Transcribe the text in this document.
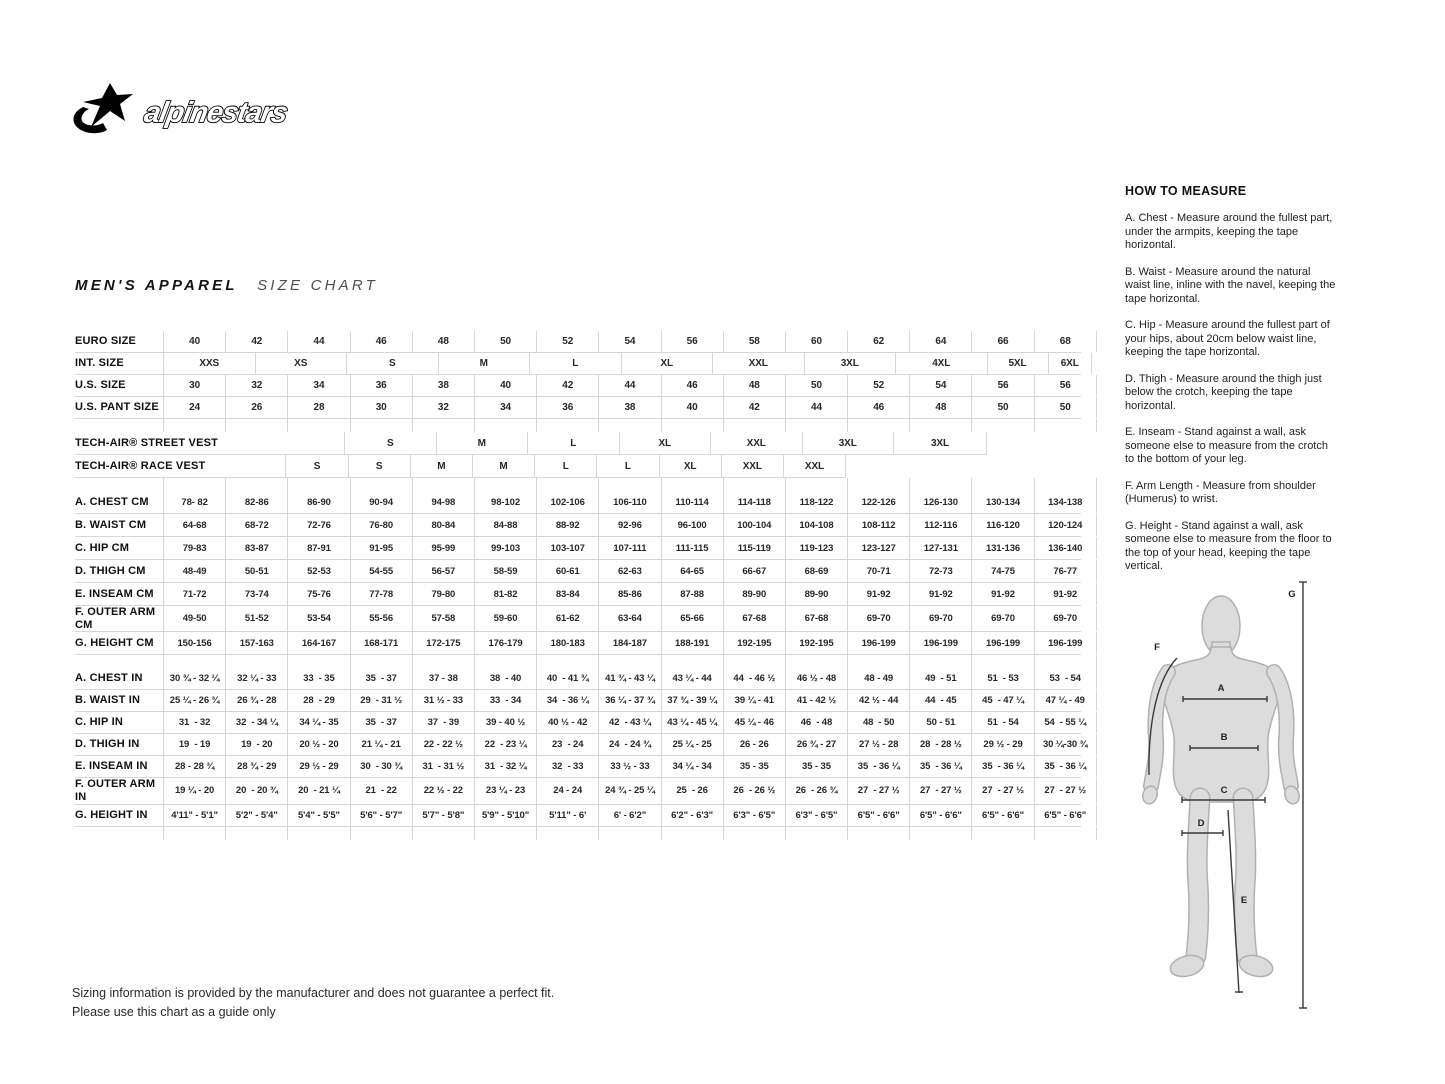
alpinestars
MEN'S APPAREL SIZE CHART
EURO SIZE	40	42	44	46	48	50	52	54	56	58	60	62	64	66	68
INT. SIZE	XXS	XS	S	M	L	XL	XXL	3XL	4XL	5XL	6XL
U.S. SIZE	30	32	34	36	38	40	42	44	46	48	50	52	54	56	56
U.S. PANT SIZE	24	26	28	30	32	34	36	38	40	42	44	46	48	50	50
TECH-AIR® STREET VEST	S	M	L	XL	XXL	3XL	3XL
TECH-AIR® RACE VEST	S	S	M	M	L	L	XL	XXL	XXL
A. CHEST CM	78- 82	82-86	86-90	90-94	94-98	98-102	102-106	106-110	110-114	114-118	118-122	122-126	126-130	130-134	134-138
B. WAIST CM	64-68	68-72	72-76	76-80	80-84	84-88	88-92	92-96	96-100	100-104	104-108	108-112	112-116	116-120	120-124
C. HIP CM	79-83	83-87	87-91	91-95	95-99	99-103	103-107	107-111	111-115	115-119	119-123	123-127	127-131	131-136	136-140
D. THIGH CM	48-49	50-51	52-53	54-55	56-57	58-59	60-61	62-63	64-65	66-67	68-69	70-71	72-73	74-75	76-77
E. INSEAM CM	71-72	73-74	75-76	77-78	79-80	81-82	83-84	85-86	87-88	89-90	89-90	91-92	91-92	91-92	91-92
F. OUTER ARM CM	49-50	51-52	53-54	55-56	57-58	59-60	61-62	63-64	65-66	67-68	67-68	69-70	69-70	69-70	69-70
G. HEIGHT CM	150-156	157-163	164-167	168-171	172-175	176-179	180-183	184-187	188-191	192-195	192-195	196-199	196-199	196-199	196-199
A. CHEST IN	30 ¾ - 32 ¼	32 ¼ - 33	33  - 35	35  - 37	37 - 38	38  - 40	40  - 41 ¾	41 ¾ - 43 ¼	43 ¼ - 44	44  - 46 ½	46 ½ - 48	48 - 49	49  - 51	51  - 53	53  - 54
B. WAIST IN	25 ¼ - 26 ¾	26 ¾ - 28	28  - 29	29  - 31 ½	31 ½ - 33	33  - 34	34  - 36 ¼	36 ¼ - 37 ¾	37 ¾ - 39 ¼	39 ¼ - 41	41 - 42 ½	42 ½ - 44	44  - 45	45  - 47 ¼	47 ¼ - 49
C. HIP IN	31  - 32	32  - 34 ¼	34 ¼ - 35	35  - 37	37  - 39	39 - 40 ½	40 ½ - 42	42  - 43 ¼	43 ¼ - 45 ¼	45 ¼ - 46	46  - 48	48  - 50	50 - 51	51  - 54	54  - 55 ¼
D. THIGH IN	19  - 19	19  - 20	20 ½ - 20	21 ¼ - 21	22 - 22 ½	22  - 23 ¼	23  - 24	24  - 24 ¾	25 ¼ - 25	26 - 26	26 ¾ - 27	27 ½ - 28	28  - 28 ½	29 ½ - 29	30 ¼-30 ¾
E. INSEAM IN	28 - 28 ¾	28 ¾ - 29	29 ½ - 29	30  - 30 ¾	31  - 31 ½	31  - 32 ¼	32  - 33	33 ½ - 33	34 ¼ - 34	35 - 35	35 - 35	35  - 36 ¼	35  - 36 ¼	35  - 36 ¼	35  - 36 ¼
F. OUTER ARM IN	19 ¼ - 20	20  - 20 ¾	20  - 21 ¼	21  - 22	22 ½ - 22	23 ¼ - 23	24 - 24	24 ¾ - 25 ¼	25  - 26	26  - 26 ½	26  - 26 ¾	27  - 27 ½	27  - 27 ½	27  - 27 ½	27  - 27 ½
G. HEIGHT IN	4'11" - 5'1"	5'2" - 5'4"	5'4" - 5'5"	5'6" - 5'7"	5'7" - 5'8"	5'9" - 5'10"	5'11" - 6'	6' - 6'2"	6'2" - 6'3"	6'3" - 6'5"	6'3" - 6'5"	6'5" - 6'6"	6'5" - 6'6"	6'5" - 6'6"	6'5" - 6'6"
HOW TO MEASURE

A. Chest - Measure around the fullest part, under the armpits, keeping the tape horizontal.

B. Waist - Measure around the natural waist line, inline with the navel, keeping the tape horizontal.

C. Hip - Measure around the fullest part of your hips, about 20cm below waist line, keeping the tape horizontal.

D. Thigh - Measure around the thigh just below the crotch, keeping the tape horizontal.

E. Inseam - Stand against a wall, ask someone else to measure from the crotch to the bottom of your leg.

F. Arm Length - Measure from shoulder (Humerus) to wrist.

G. Height - Stand against a wall, ask someone else to measure from the floor to the top of your head, keeping the tape vertical.

A
B
C
D
E
F
G
Sizing information is provided by the manufacturer and does not guarantee a perfect fit.
Please use this chart as a guide only
